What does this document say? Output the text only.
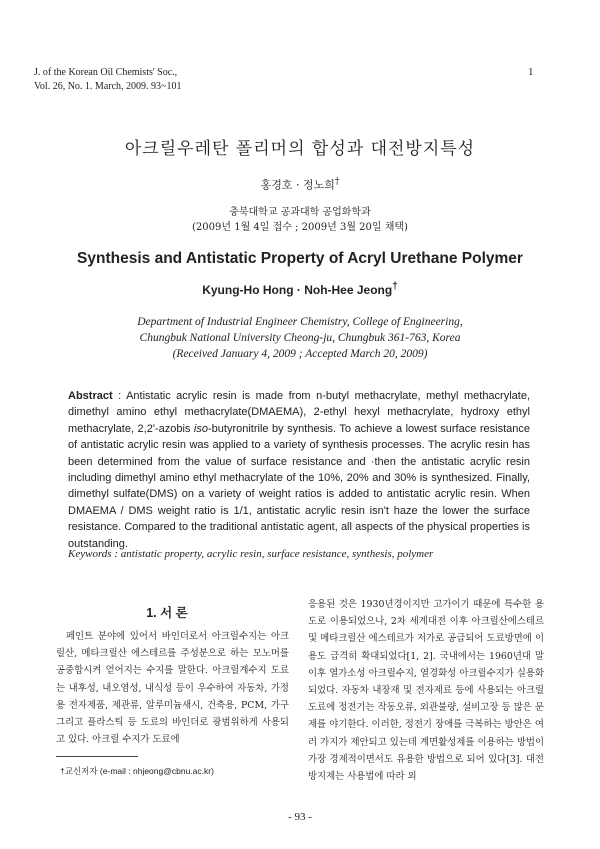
J. of the Korean Oil Chemists' Soc.,
Vol. 26, No. 1. March, 2009. 93~101
1
아크릴우레탄 폴리머의 합성과 대전방지특성
홍경호 · 정노희†
충북대학교 공과대학 공업화학과
(2009년 1월 4일 접수 ; 2009년 3월 20일 채택)
Synthesis and Antistatic Property of Acryl Urethane Polymer
Kyung-Ho Hong · Noh-Hee Jeong†
Department of Industrial Engineer Chemistry, College of Engineering,
Chungbuk National University Cheong-ju, Chungbuk 361-763, Korea
(Received January 4, 2009 ; Accepted March 20, 2009)
Abstract : Antistatic acrylic resin is made from n-butyl methacrylate, methyl methacrylate, dimethyl amino ethyl methacrylate(DMAEMA), 2-ethyl hexyl methacrylate, hydroxy ethyl methacrylate, 2,2'-azobis iso-butyronitrile by synthesis. To achieve a lowest surface resistance of antistatic acrylic resin was applied to a variety of synthesis processes. The acrylic resin has been determined from the value of surface resistance and ·then the antistatic acrylic resin including dimethyl amino ethyl methacrylate of the 10%, 20% and 30% is synthesized. Finally, dimethyl sulfate(DMS) on a variety of weight ratios is added to antistatic acrylic resin. When DMAEMA / DMS weight ratio is 1/1, antistatic acrylic resin isn't haze the lower the surface resistance. Compared to the traditional antistatic agent, all aspects of the physical properties is outstanding.
Keywords : antistatic property, acrylic resin, surface resistance, synthesis, polymer
1. 서 론
페인트 분야에 있어서 바인더로서 아크릴수지는 아크릴산, 메타크릴산 에스테르를 주성분으로 하는 모노머를 공중합시켜 얻어지는 수지를 말한다. 아크릴계수지 도료는 내후성, 내오염성, 내식성 등이 우수하여 자동차, 가정용 전자제품, 제관류, 알루미늄새시, 건축용, PCM, 가구 그리고 플라스틱 등 도료의 바인더로 광범위하게 사용되고 있다. 아크릴 수지가 도료에
응용된 것은 1930년경이지만 고가이기 때문에 특수한 용도로 이용되었으나, 2차 세계대전 이후 아크릴산에스테르 및 메타크릴산 에스테르가 저가로 공급되어 도료방면에 이용도 급격히 확대되었다[1, 2]. 국내에서는 1960년대 말 이후 열가소성 아크릴수지, 열경화성 아크릴수지가 실용화되었다. 자동차 내장재 및 전자제료 등에 사용되는 아크릴 도료에 정전기는 작동오류, 외관불량, 설비고장 등 많은 문제를 야기한다. 이러한, 정전기 장애를 극복하는 방안은 여러 가지가 제안되고 있는데 계면활성제를 이용하는 방법이 가장 경제적이면서도 유용한 방법으로 되어 있다[3]. 대전방지제는 사용법에 따라 외
†교신저자 (e-mail : nhjeong@cbnu.ac.kr)
- 93 -
